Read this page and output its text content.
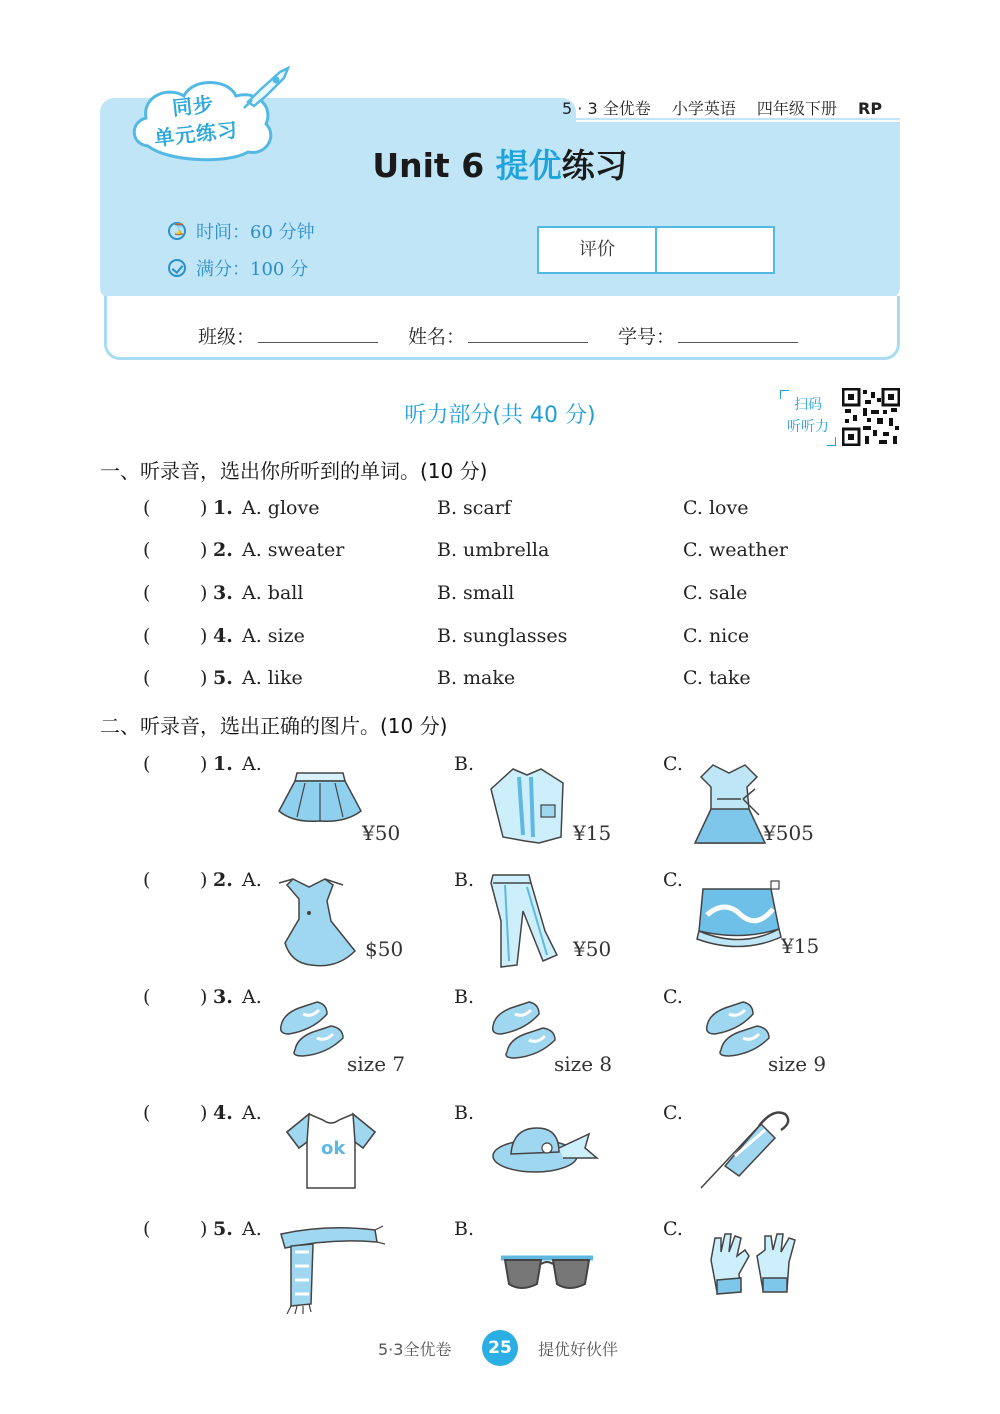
同步
单元练习
5 · 3 全优卷 小学英语 四年级下册 RP
Unit 6 提优练习
⌛
时间：60 分钟
满分：100 分
评价
班级：	姓名：	学号：
听力部分(共 40 分)	扫码
听听力
一、听录音，选出你所听到的单词。(10 分)
(	) 1. A. glove	B. scarf	C. love
(	) 2. A. sweater	B. umbrella	C. weather
(	) 3. A. ball	B. small	C. sale
(	) 4. A. size	B. sunglasses	C. nice
(	) 5. A. like	B. make	C. take
二、听录音，选出正确的图片。(10 分)
(	) 1. A.	B.	C.
¥50	¥15	¥505
(	) 2. A.	B.	C.
$50	¥50	¥15
(	) 3. A.	B.	C.
size 7	size 8	size 9
(	) 4. A.	B.	C.
ok
(	) 5. A.	B.	C.
5·3全优卷	25	提优好伙伴
